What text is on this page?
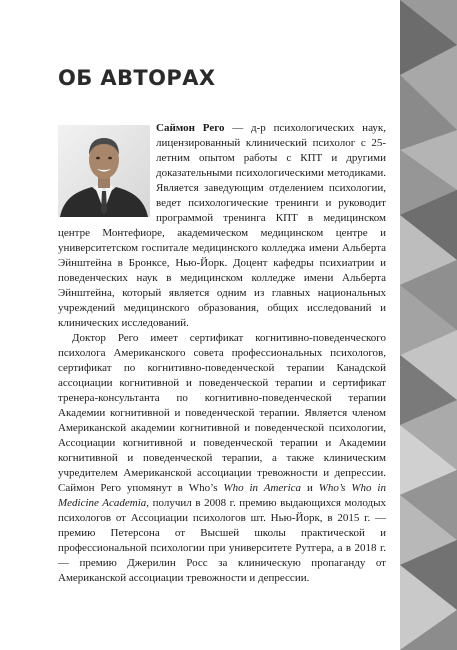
ОБ АВТОРАХ

Саймон Рего — д-р психологических наук, лицензированный клинический психолог с 25-летним опытом работы с КПТ и другими доказательными психологическими методиками. Является заведующим отделением психологии, ведет психологические тренинги и руководит программой тренинга КПТ в медицинском центре Монтефиоре, академическом медицинском центре и университетском госпитале медицинского колледжа имени Альберта Эйнштейна в Бронксе, Нью-Йорк. Доцент кафедры психиатрии и поведенческих наук в медицинском колледже имени Альберта Эйнштейна, который является одним из главных национальных учреждений медицинского образования, общих исследований и клинических исследований.

Доктор Рего имеет сертификат когнитивно-поведенческого психолога Американского совета профессиональных психологов, сертификат по когнитивно-поведенческой терапии Канадской ассоциации когнитивной и поведенческой терапии и сертификат тренера-консультанта по когнитивно-поведенческой терапии Академии когнитивной и поведенческой терапии. Является членом Американской академии когнитивной и поведенческой психологии, Ассоциации когнитивной и поведенческой терапии и Академии когнитивной и поведенческой терапии, а также клиническим учредителем Американской ассоциации тревожности и депрессии. Саймон Рего упомянут в Who’s Who in America и Who’s Who in Medicine Academia, получил в 2008 г. премию выдающихся молодых психологов от Ассоциации психологов шт. Нью-Йорк, в 2015 г. — премию Петерсона от Высшей школы практической и профессиональной психологии при университете Рутгера, а в 2018 г. — премию Джерилин Росс за клиническую пропаганду от Американской ассоциации тревожности и депрессии.
